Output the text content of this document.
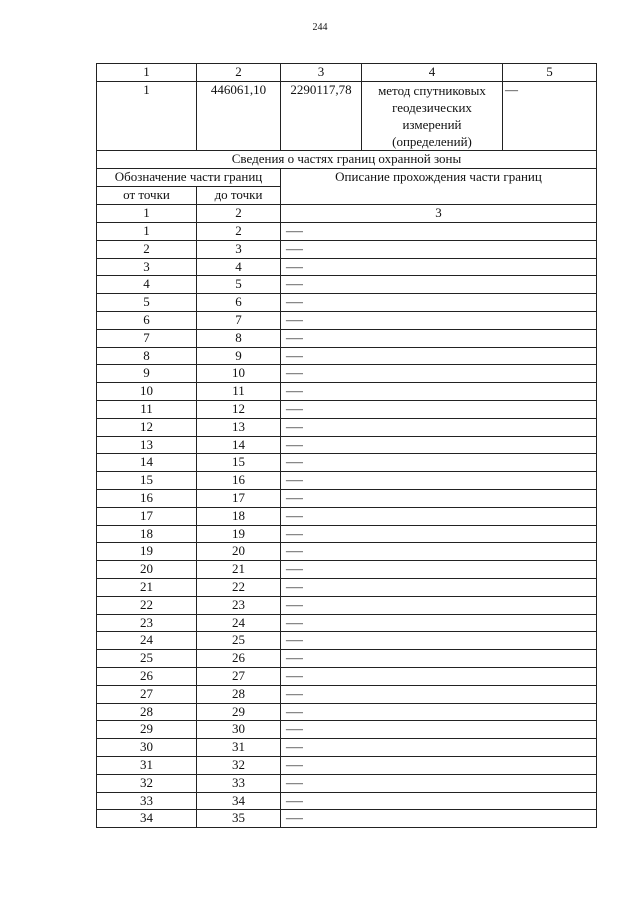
244
1	2	3	4	5
1	446061,10	2290117,78	метод спутниковых
геодезических
измерений
(определений)	—
Сведения о частях границ охранной зоны				
Обозначение части границ		Описание прохождения части границ		
от точки	до точки			
1	2	3		
1	2	—		
2	3	—		
3	4	—		
4	5	—		
5	6	—		
6	7	—		
7	8	—		
8	9	—		
9	10	—		
10	11	—		
11	12	—		
12	13	—		
13	14	—		
14	15	—		
15	16	—		
16	17	—		
17	18	—		
18	19	—		
19	20	—		
20	21	—		
21	22	—		
22	23	—		
23	24	—		
24	25	—		
25	26	—		
26	27	—		
27	28	—		
28	29	—		
29	30	—		
30	31	—		
31	32	—		
32	33	—		
33	34	—		
34	35	—		
